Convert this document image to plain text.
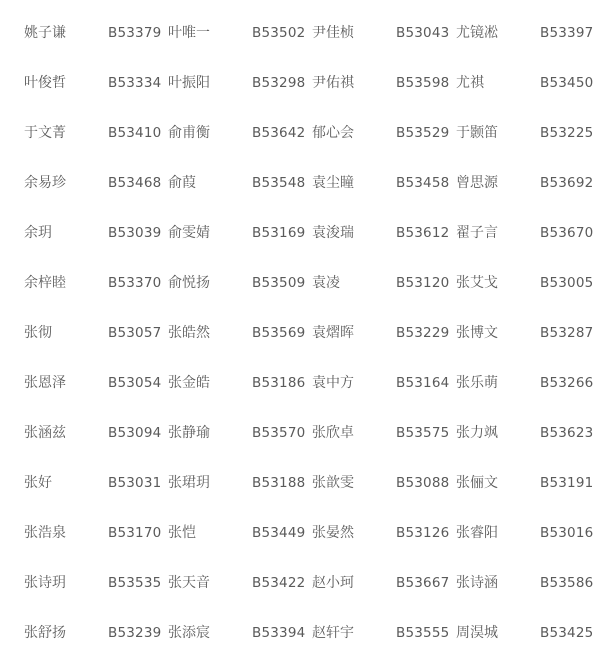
姚子谦	B53379 叶唯一	B53502 尹佳桢	B53043 尤镜凇	B53397
叶俊哲	B53334 叶振阳	B53298 尹佑祺	B53598 尤祺	B53450
于文菁	B53410 俞甫衡	B53642 郁心会	B53529 于颢笛	B53225
余易珍	B53468 俞葭	B53548 袁尘瞳	B53458 曾思源	B53692
余玥	B53039 俞雯婧	B53169 袁浚瑞	B53612 翟子言	B53670
余梓睦	B53370 俞悦扬	B53509 袁凌	B53120 张艾戈	B53005
张彻	B53057 张皓然	B53569 袁熠晖	B53229 张博文	B53287
张恩泽	B53054 张金皓	B53186 袁中方	B53164 张乐萌	B53266
张涵兹	B53094 张静瑜	B53570 张欣卓	B53575 张力飒	B53623
张好	B53031 张珺玥	B53188 张歆雯	B53088 张俪文	B53191
张浩泉	B53170 张恺	B53449 张晏然	B53126 张睿阳	B53016
张诗玥	B53535 张天音	B53422 赵小珂	B53667 张诗涵	B53586
张舒扬	B53239 张添宸	B53394 赵轩宇	B53555 周淏城	B53425
